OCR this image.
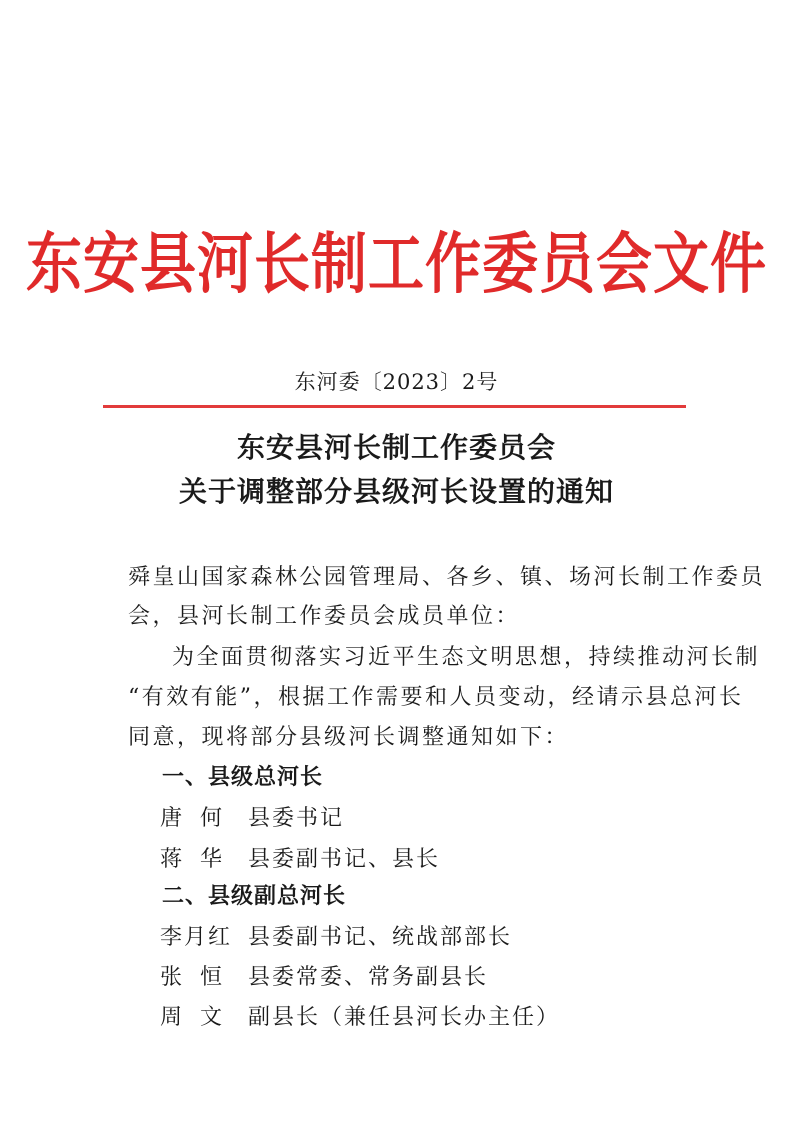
东安县河长制工作委员会文件
东河委〔2023〕2号
东安县河长制工作委员会
关于调整部分县级河长设置的通知
舜皇山国家森林公园管理局、各乡、镇、场河长制工作委员
会，县河长制工作委员会成员单位：
为全面贯彻落实习近平生态文明思想，持续推动河长制
“有效有能”，根据工作需要和人员变动，经请示县总河长
同意，现将部分县级河长调整通知如下：
一、县级总河长
唐何 县委书记
蒋华 县委副书记、县长
二、县级副总河长
李月红 县委副书记、统战部部长
张恒 县委常委、常务副县长
周文 副县长（兼任县河长办主任）
